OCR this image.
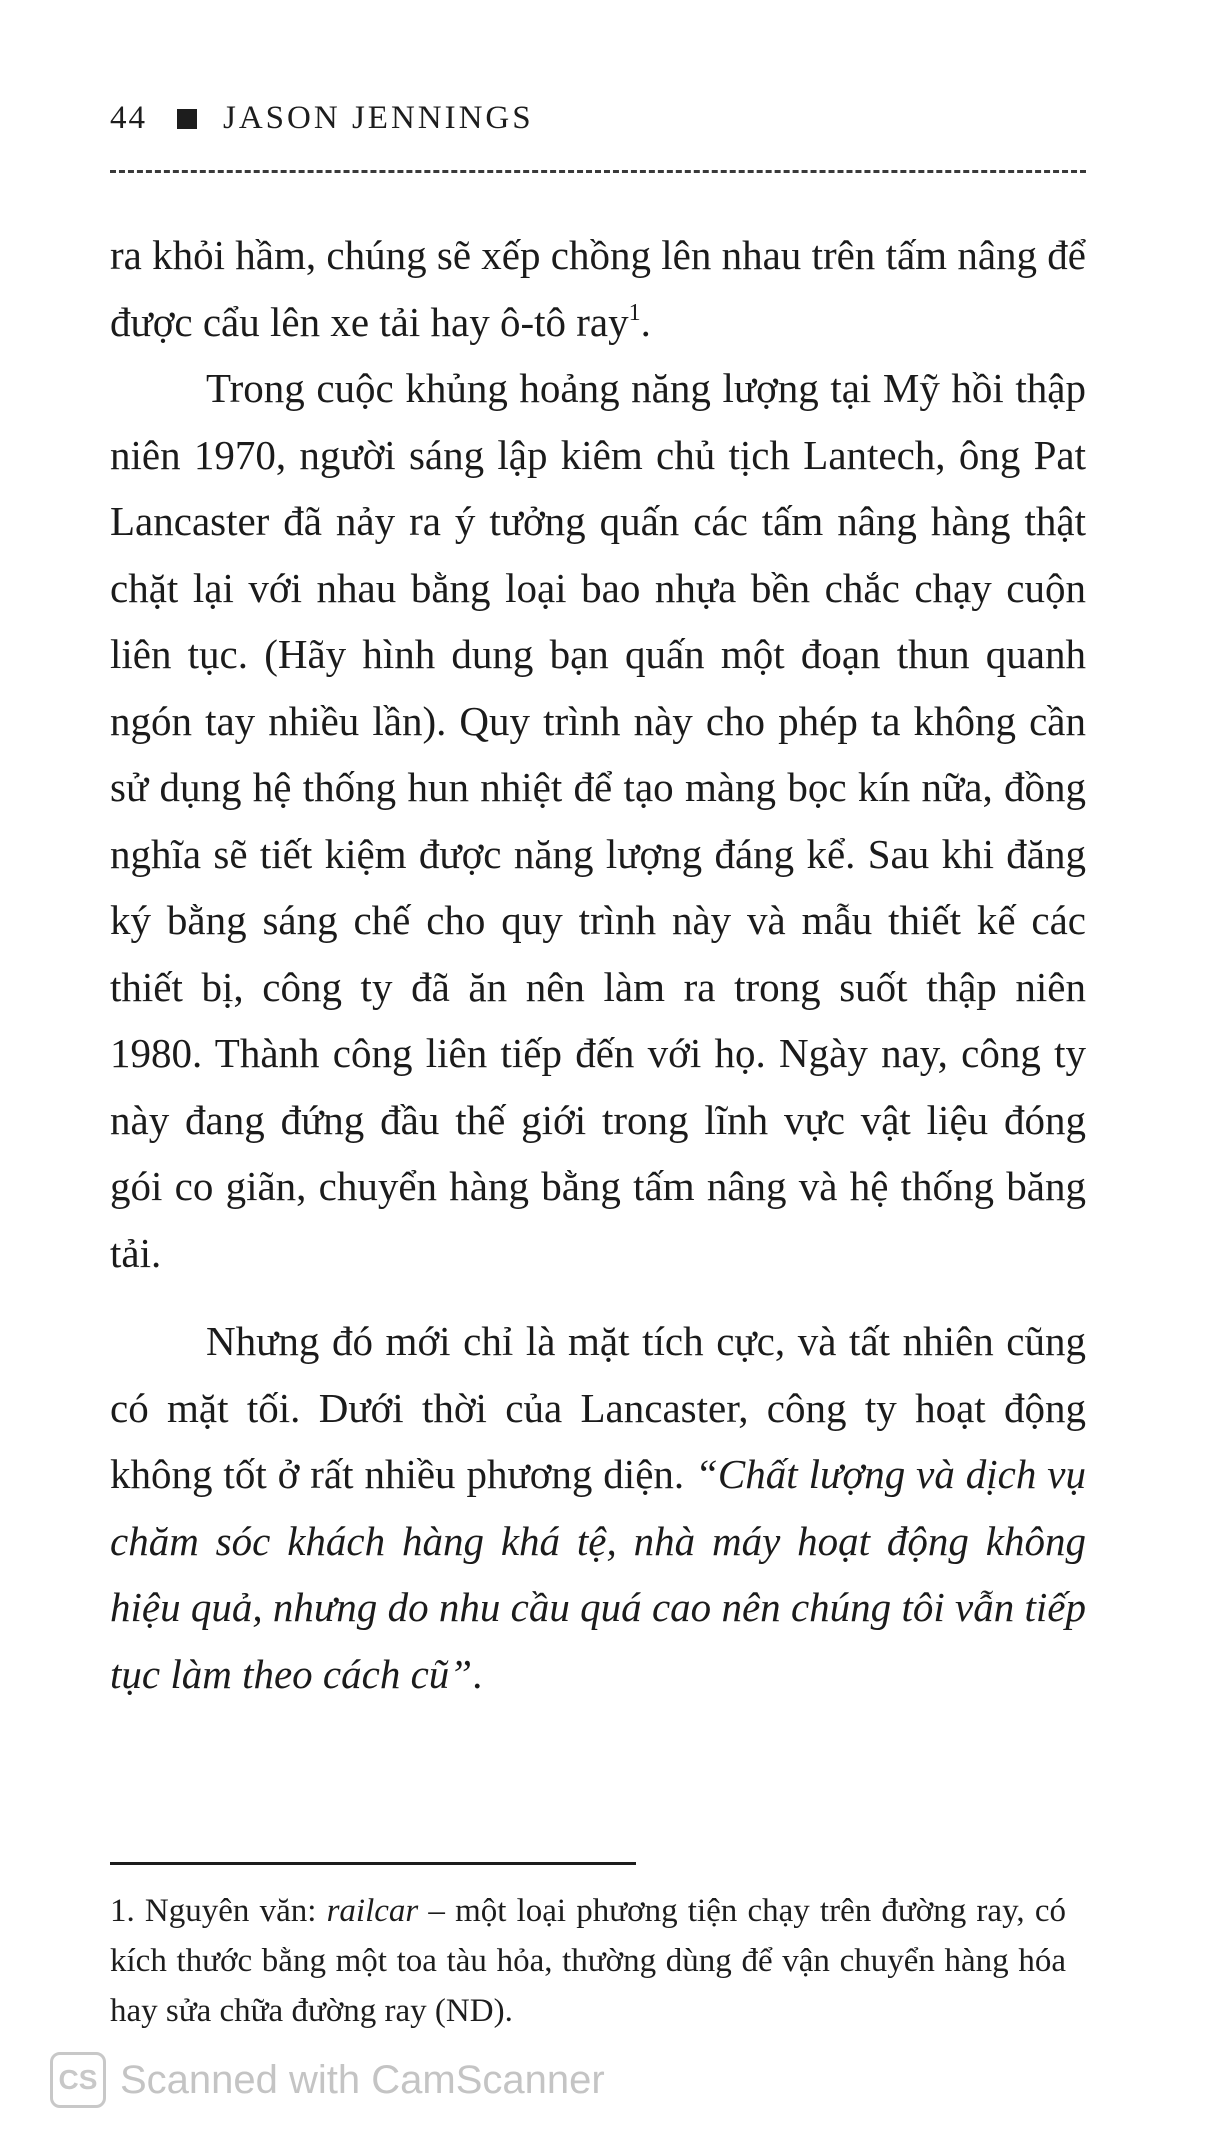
44 JASON JENNINGS

ra khỏi hầm, chúng sẽ xếp chồng lên nhau trên tấm nâng để được cẩu lên xe tải hay ô-tô ray$^1$.

Trong cuộc khủng hoảng năng lượng tại Mỹ hồi thập niên 1970, người sáng lập kiêm chủ tịch Lantech, ông Pat Lancaster đã nảy ra ý tưởng quấn các tấm nâng hàng thật chặt lại với nhau bằng loại bao nhựa bền chắc chạy cuộn liên tục. (Hãy hình dung bạn quấn một đoạn thun quanh ngón tay nhiều lần). Quy trình này cho phép ta không cần sử dụng hệ thống hun nhiệt để tạo màng bọc kín nữa, đồng nghĩa sẽ tiết kiệm được năng lượng đáng kể. Sau khi đăng ký bằng sáng chế cho quy trình này và mẫu thiết kế các thiết bị, công ty đã ăn nên làm ra trong suốt thập niên 1980. Thành công liên tiếp đến với họ. Ngày nay, công ty này đang đứng đầu thế giới trong lĩnh vực vật liệu đóng gói co giãn, chuyển hàng bằng tấm nâng và hệ thống băng tải.

Nhưng đó mới chỉ là mặt tích cực, và tất nhiên cũng có mặt tối. Dưới thời của Lancaster, công ty hoạt động không tốt ở rất nhiều phương diện. “Chất lượng và dịch vụ chăm sóc khách hàng khá tệ, nhà máy hoạt động không hiệu quả, nhưng do nhu cầu quá cao nên chúng tôi vẫn tiếp tục làm theo cách cũ”.

1. Nguyên văn: railcar – một loại phương tiện chạy trên đường ray, có kích thước bằng một toa tàu hỏa, thường dùng để vận chuyển hàng hóa hay sửa chữa đường ray (ND).
CS Scanned with CamScanner
